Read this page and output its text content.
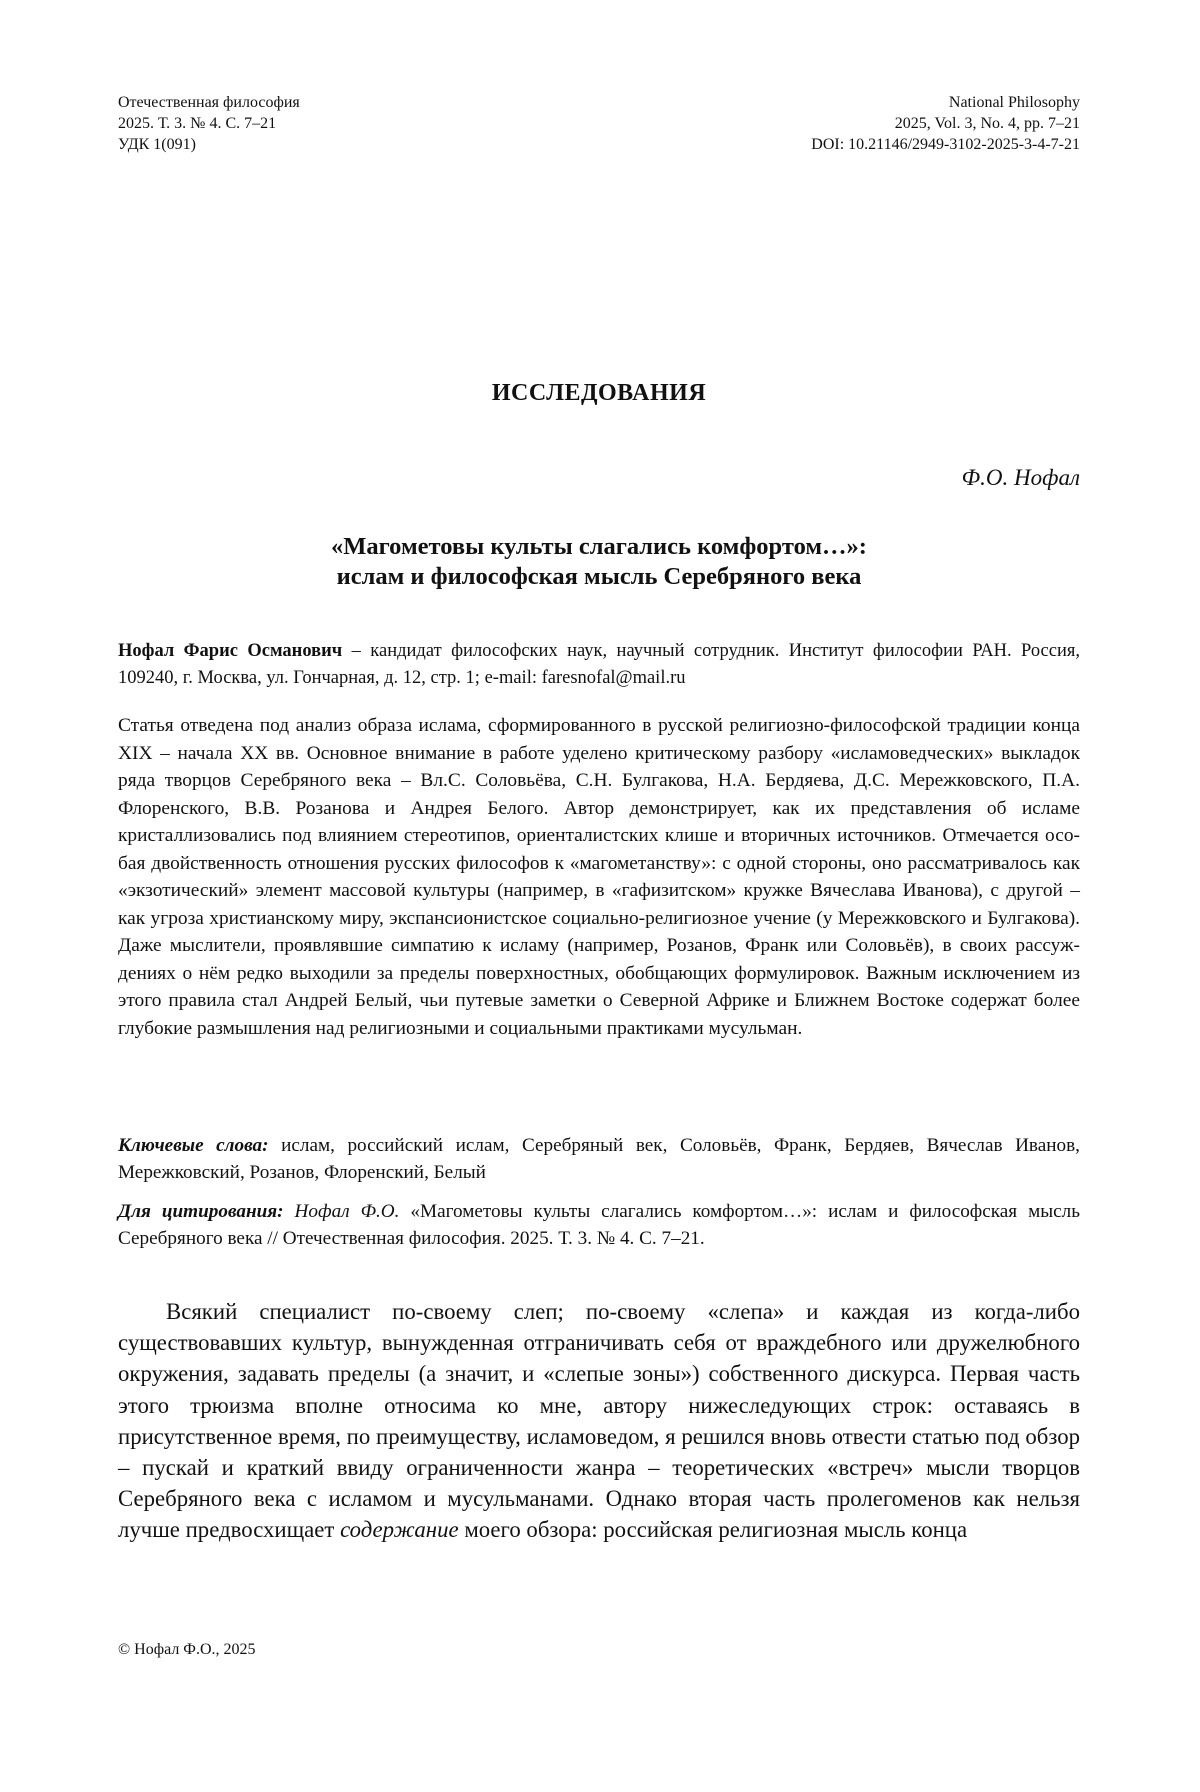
Отечественная философия
2025. Т. 3. № 4. С. 7–21
УДК 1(091)
National Philosophy
2025, Vol. 3, No. 4, pp. 7–21
DOI: 10.21146/2949-3102-2025-3-4-7-21
ИССЛЕДОВАНИЯ
Ф.О. Нофал
«Магометовы культы слагались комфортом…»:
ислам и философская мысль Серебряного века
Нофал Фарис Османович – кандидат философских наук, научный сотрудник. Институт философии РАН. Россия, 109240, г. Москва, ул. Гончарная, д. 12, стр. 1; e-mail: faresnofal@mail.ru
Статья отведена под анализ образа ислама, сформированного в русской религиозно-философской традиции конца XIX – начала XX вв. Основное внимание в работе уделено критическому разбору «исламоведческих» выкладок ряда творцов Серебряного века – Вл.С. Соловьёва, С.Н. Булгакова, Н.А. Бердяева, Д.С. Мережковского, П.А. Флоренского, В.В. Розанова и Андрея Белого. Автор демонстрирует, как их представления об исламе кристаллизовались под влиянием стереотипов, ориенталистских клише и вторичных источников. Отмечается особая двойственность отношения русских философов к «магометанству»: с одной стороны, оно рассматривалось как «экзотический» элемент массовой культуры (например, в «гафизитском» кружке Вячеслава Иванова), с другой – как угроза христианскому миру, экспансионистское социально-религиозное учение (у Мережковского и Булгакова). Даже мыслители, проявлявшие симпатию к исламу (например, Розанов, Франк или Соловьёв), в своих рассуждениях о нём редко выходили за пределы поверхностных, обобщающих формулировок. Важным исключением из этого правила стал Андрей Белый, чьи путевые заметки о Северной Африке и Ближнем Востоке содержат более глубокие размышления над религиозными и социальными практиками мусульман.
Ключевые слова: ислам, российский ислам, Серебряный век, Соловьёв, Франк, Бердяев, Вячеслав Иванов, Мережковский, Розанов, Флоренский, Белый
Для цитирования: Нофал Ф.О. «Магометовы культы слагались комфортом…»: ислам и философская мысль Серебряного века // Отечественная философия. 2025. Т. 3. № 4. С. 7–21.
Всякий специалист по-своему слеп; по-своему «слепа» и каждая из когда-либо существовавших культур, вынужденная отграничивать себя от враждебного или дружелюбного окружения, задавать пределы (а значит, и «слепые зоны») собственного дискурса. Первая часть этого трюизма вполне относима ко мне, автору нижеследующих строк: оставаясь в присутственное время, по преимуществу, исламоведом, я решился вновь отвести статью под обзор – пускай и краткий ввиду ограниченности жанра – теоретических «встреч» мысли творцов Серебряного века с исламом и мусульманами. Однако вторая часть пролегоменов как нельзя лучше предвосхищает содержание моего обзора: российская религиозная мысль конца
© Нофал Ф.О., 2025
